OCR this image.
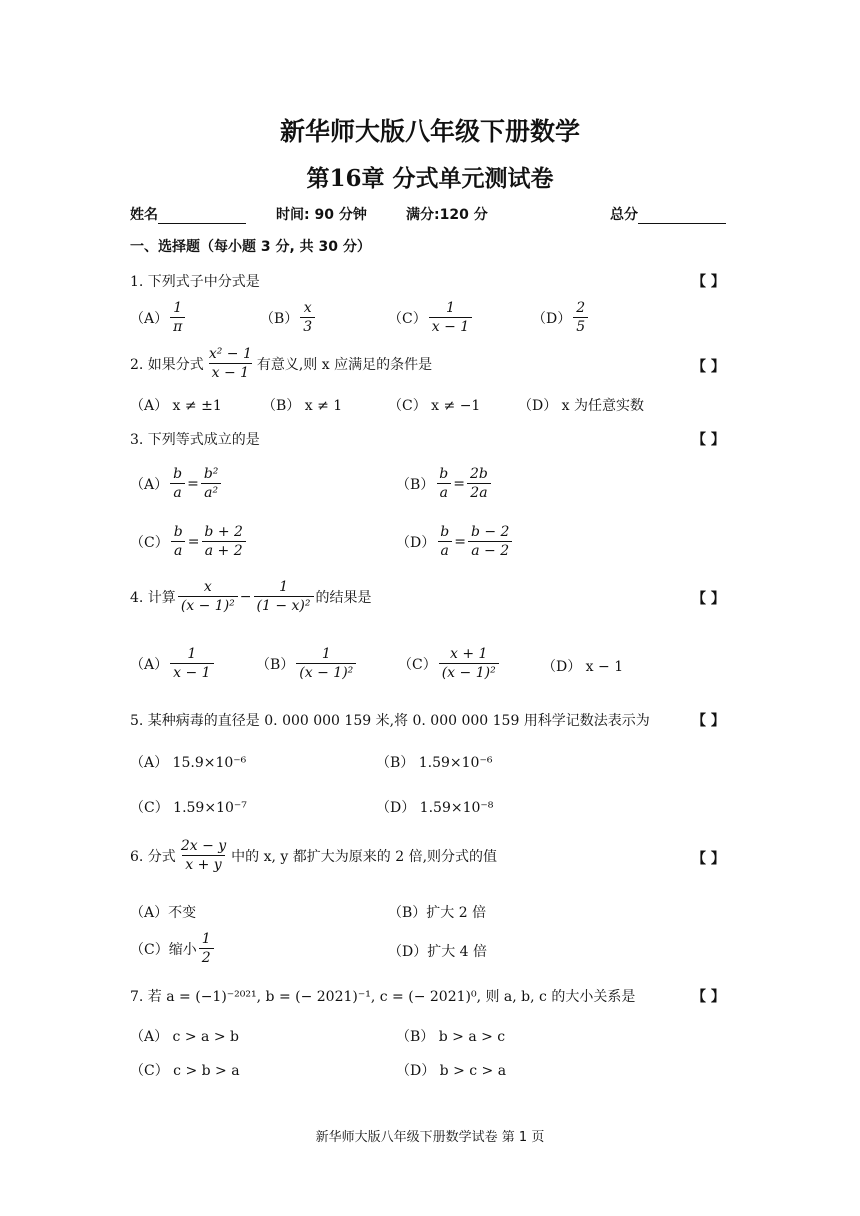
新华师大版八年级下册数学
第16章 分式单元测试卷
姓名	时间: 90 分钟	满分:120 分	总分
一、选择题（每小题 3 分, 共 30 分）
1. 下列式子中分式是	【 】
$(A) \frac{1}{\pi}$	$(B) \frac{x}{3}$	$(C) \frac{1}{x - 1}$	$(D) \frac{2}{5}$
2. 如果分式 $\frac{\text{x² − 1}}{x - 1}$ 有意义,则 x 应满足的条件是	【 】
（A） x ≠ ±1	（B） x ≠ 1	（C） x ≠ −1	（D） x 为任意实数
3. 下列等式成立的是	【 】
$(A) \frac{b}{a} = \frac{\text{b²}}{\text{a²}}$	$(B) \frac{b}{a} = \frac{2b}{2a}$
$(C) \frac{b}{a} = \frac{b + 2}{a + 2}$	$(D) \frac{b}{a} = \frac{b - 2}{a - 2}$
4. 计算 $\frac{x}{\text{(x − 1)²}} - \frac{1}{\text{(1 − x)²}}$ 的结果是	【 】
$(A) \frac{1}{x - 1}$	$(B) \frac{1}{\text{(x − 1)²}}$	$(C) \frac{x + 1}{\text{(x − 1)²}}$	（D） x − 1
5. 某种病毒的直径是 0. 000 000 159 米,将 0. 000 000 159 用科学记数法表示为	【 】
（A） 15.9×10⁻⁶	（B） 1.59×10⁻⁶
（C） 1.59×10⁻⁷	（D） 1.59×10⁻⁸
6. 分式 $\frac{2x - y}{x + y}$ 中的 x, y 都扩大为原来的 2 倍,则分式的值	【 】
（A）不变	（B）扩大 2 倍
（C）缩小 $\frac{1}{2}$	（D）扩大 4 倍
7. 若 a = (−1)⁻²⁰²¹, b = (− 2021)⁻¹, c = (− 2021)⁰, 则 a, b, c 的大小关系是	【 】
（A） c > a > b	（B） b > a > c
（C） c > b > a	（D） b > c > a
新华师大版八年级下册数学试卷 第 1 页
